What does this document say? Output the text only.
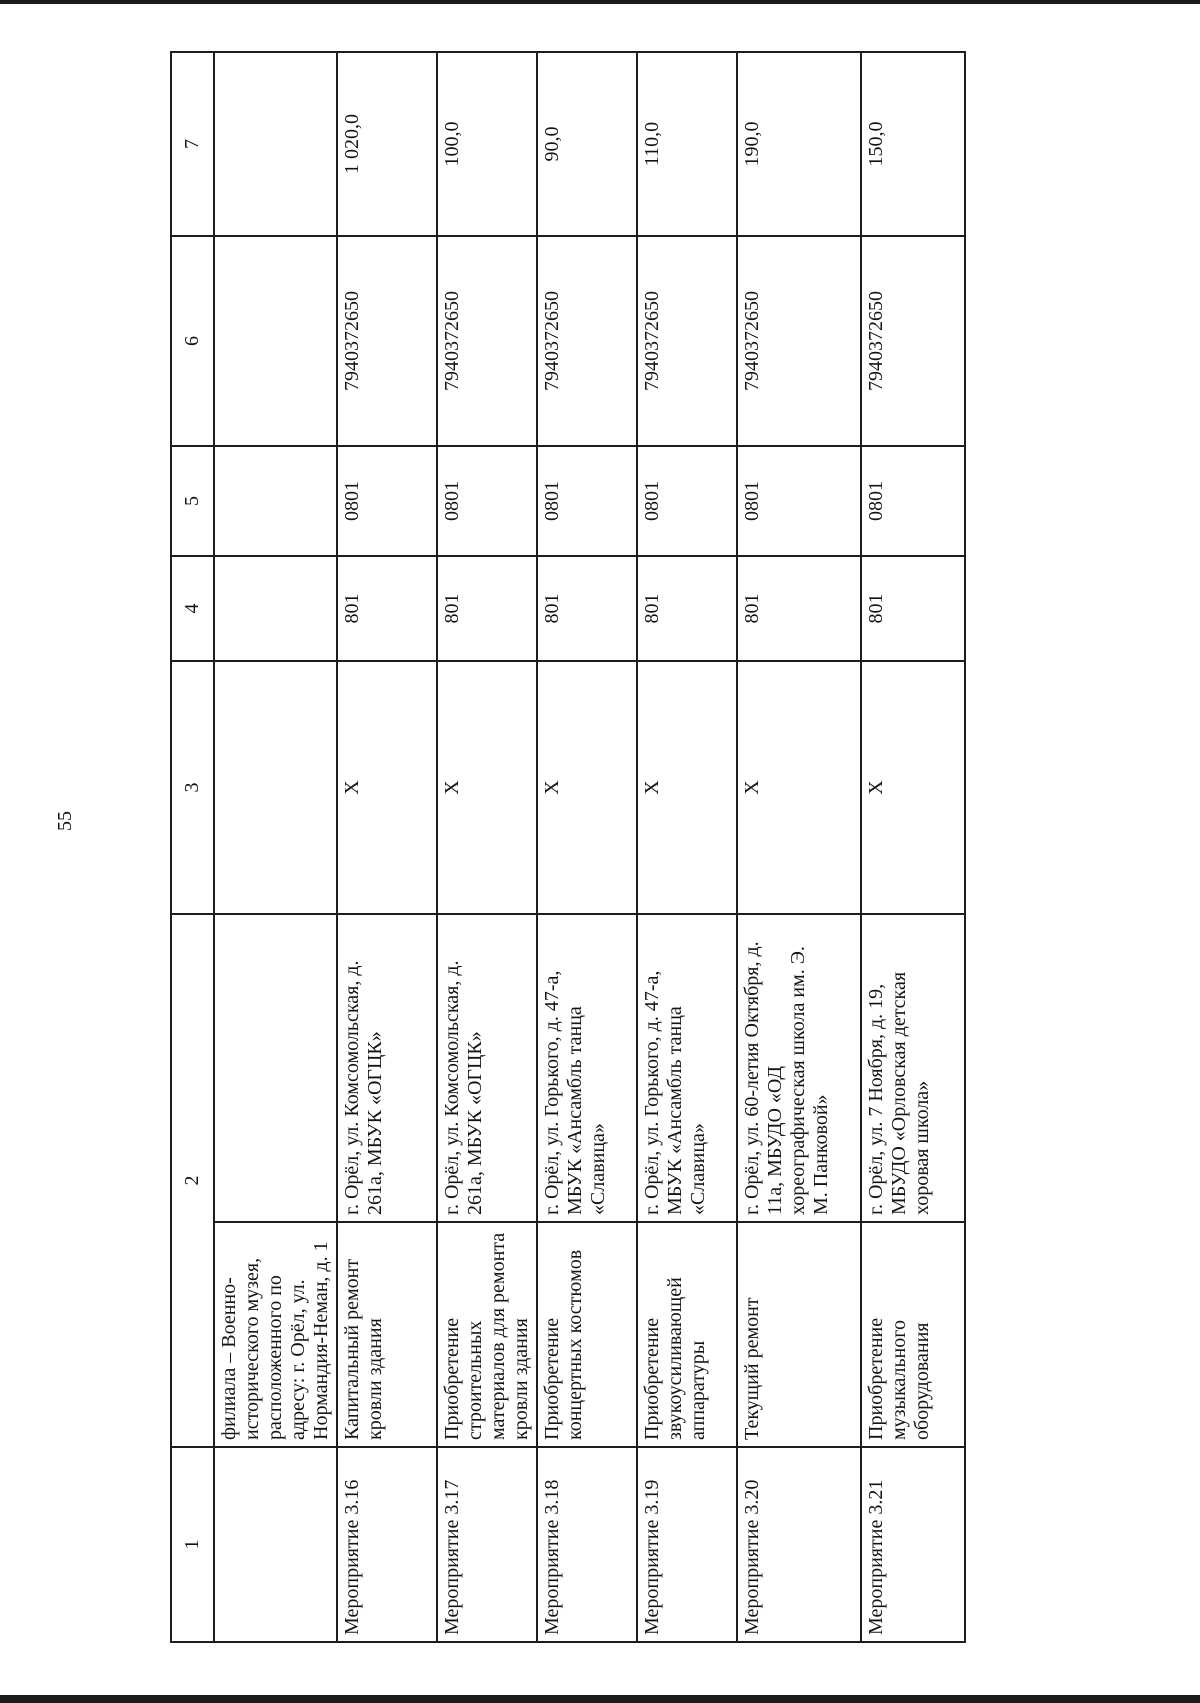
55
1	2		3	4	5	6	7
	филиала – Военно-исторического музея, расположенного по адресу: г. Орёл, ул. Нормандия-Неман, д. 1						
Мероприятие 3.16	Капитальный ремонт кровли здания	г. Орёл, ул. Комсомольская, д. 261а, МБУК «ОГЦК»	Х	801	0801	7940372650	1 020,0
Мероприятие 3.17	Приобретение строительных материалов для ремонта кровли здания	г. Орёл, ул. Комсомольская, д. 261а, МБУК «ОГЦК»	Х	801	0801	7940372650	100,0
Мероприятие 3.18	Приобретение концертных костюмов	г. Орёл, ул. Горького, д. 47-а, МБУК «Ансамбль танца «Славица»	Х	801	0801	7940372650	90,0
Мероприятие 3.19	Приобретение звукоусиливающей аппаратуры	г. Орёл, ул. Горького, д. 47-а, МБУК «Ансамбль танца «Славица»	Х	801	0801	7940372650	110,0
Мероприятие 3.20	Текущий ремонт	г. Орёл, ул. 60-летия Октября, д. 11а, МБУДО «ОД хореографическая школа им. Э. М. Панковой»	Х	801	0801	7940372650	190,0
Мероприятие 3.21	Приобретение музыкального оборудования	г. Орёл, ул. 7 Ноября, д. 19, МБУДО «Орловская детская хоровая школа»	Х	801	0801	7940372650	150,0
